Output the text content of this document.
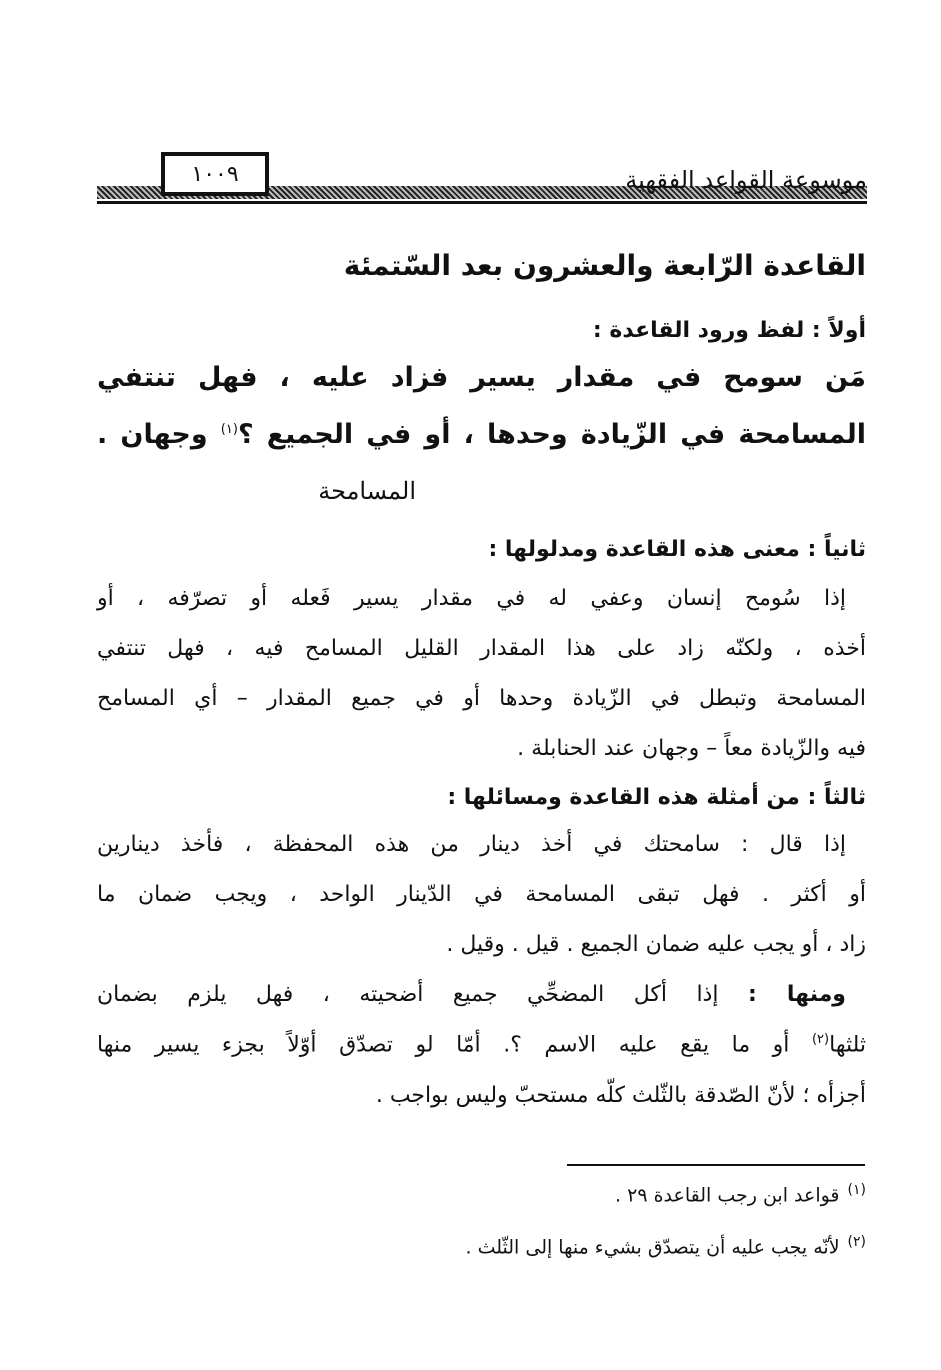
١٠٠٩	موسوعة القواعد الفقهية
القاعدة الرّابعة والعشرون بعد السّتمئة
أولاً : لفظ ورود القاعدة :
مَن سومح في مقدار يسير فزاد عليه ، فهل تنتفي
المسامحة في الزّيادة وحدها ، أو في الجميع ؟$^{(١)}$ وجهان .
المسامحة
ثانياً : معنى هذه القاعدة ومدلولها :
إذا سُومح إنسان وعفي له في مقدار يسير فَعله أو تصرّفه ، أو
أخذه ، ولكنّه زاد على هذا المقدار القليل المسامح فيه ، فهل تنتفي
المسامحة وتبطل في الزّيادة وحدها أو في جميع المقدار – أي المسامح
فيه والزّيادة معاً – وجهان عند الحنابلة .
ثالثاً : من أمثلة هذه القاعدة ومسائلها :
إذا قال : سامحتك في أخذ دينار من هذه المحفظة ، فأخذ دينارين
أو أكثر . فهل تبقى المسامحة في الدّينار الواحد ، ويجب ضمان ما
زاد ، أو يجب عليه ضمان الجميع . قيل . وقيل .
ومنها : إذا أكل المضحِّي جميع أضحيته ، فهل يلزم بضمان
ثلثها$^{(٢)}$ أو ما يقع عليه الاسم ؟. أمّا لو تصدّق أوّلاً بجزء يسير منها
أجزأه ؛ لأنّ الصّدقة بالثّلث كلّه مستحبّ وليس بواجب .
$^{(١)}$قواعد ابن رجب القاعدة ٢٩ .
$^{(٢)}$لأنّه يجب عليه أن يتصدّق بشيء منها إلى الثّلث .
